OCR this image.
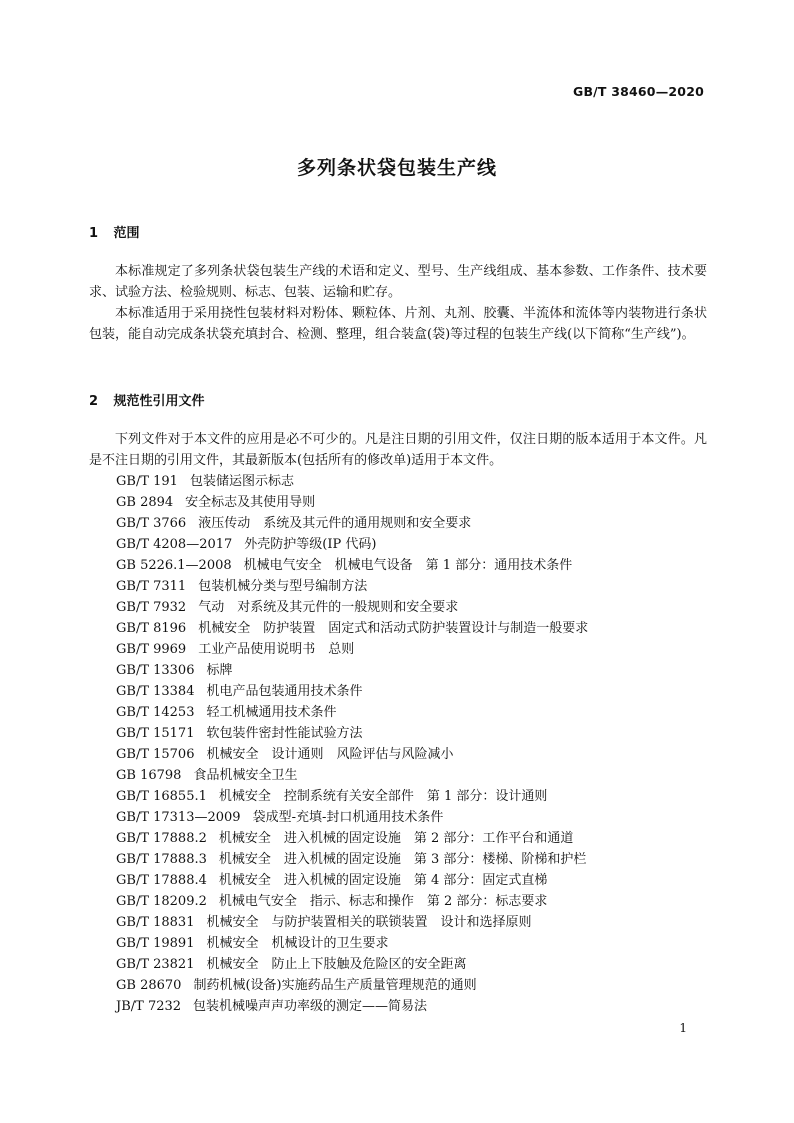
GB/T 38460—2020
多列条状袋包装生产线
1 范围

本标准规定了多列条状袋包装生产线的术语和定义、型号、生产线组成、基本参数、工作条件、技术要求、试验方法、检验规则、标志、包装、运输和贮存。

本标准适用于采用挠性包装材料对粉体、颗粒体、片剂、丸剂、胶囊、半流体和流体等内装物进行条状包装，能自动完成条状袋充填封合、检测、整理，组合装盒(袋)等过程的包装生产线(以下简称“生产线”)。

2 规范性引用文件

下列文件对于本文件的应用是必不可少的。凡是注日期的引用文件，仅注日期的版本适用于本文件。凡是不注日期的引用文件，其最新版本(包括所有的修改单)适用于本文件。

GB/T 191 包装储运图示标志
GB 2894 安全标志及其使用导则
GB/T 3766 液压传动　系统及其元件的通用规则和安全要求
GB/T 4208—2017 外壳防护等级(IP 代码)
GB 5226.1—2008 机械电气安全　机械电气设备　第 1 部分：通用技术条件
GB/T 7311 包装机械分类与型号编制方法
GB/T 7932 气动　对系统及其元件的一般规则和安全要求
GB/T 8196 机械安全　防护装置　固定式和活动式防护装置设计与制造一般要求
GB/T 9969 工业产品使用说明书　总则
GB/T 13306 标牌
GB/T 13384 机电产品包装通用技术条件
GB/T 14253 轻工机械通用技术条件
GB/T 15171 软包装件密封性能试验方法
GB/T 15706 机械安全　设计通则　风险评估与风险减小
GB 16798 食品机械安全卫生
GB/T 16855.1 机械安全　控制系统有关安全部件　第 1 部分：设计通则
GB/T 17313—2009 袋成型-充填-封口机通用技术条件
GB/T 17888.2 机械安全　进入机械的固定设施　第 2 部分：工作平台和通道
GB/T 17888.3 机械安全　进入机械的固定设施　第 3 部分：楼梯、阶梯和护栏
GB/T 17888.4 机械安全　进入机械的固定设施　第 4 部分：固定式直梯
GB/T 18209.2 机械电气安全　指示、标志和操作　第 2 部分：标志要求
GB/T 18831 机械安全　与防护装置相关的联锁装置　设计和选择原则
GB/T 19891 机械安全　机械设计的卫生要求
GB/T 23821 机械安全　防止上下肢触及危险区的安全距离
GB 28670 制药机械(设备)实施药品生产质量管理规范的通则
JB/T 7232 包装机械噪声声功率级的测定——简易法
1
